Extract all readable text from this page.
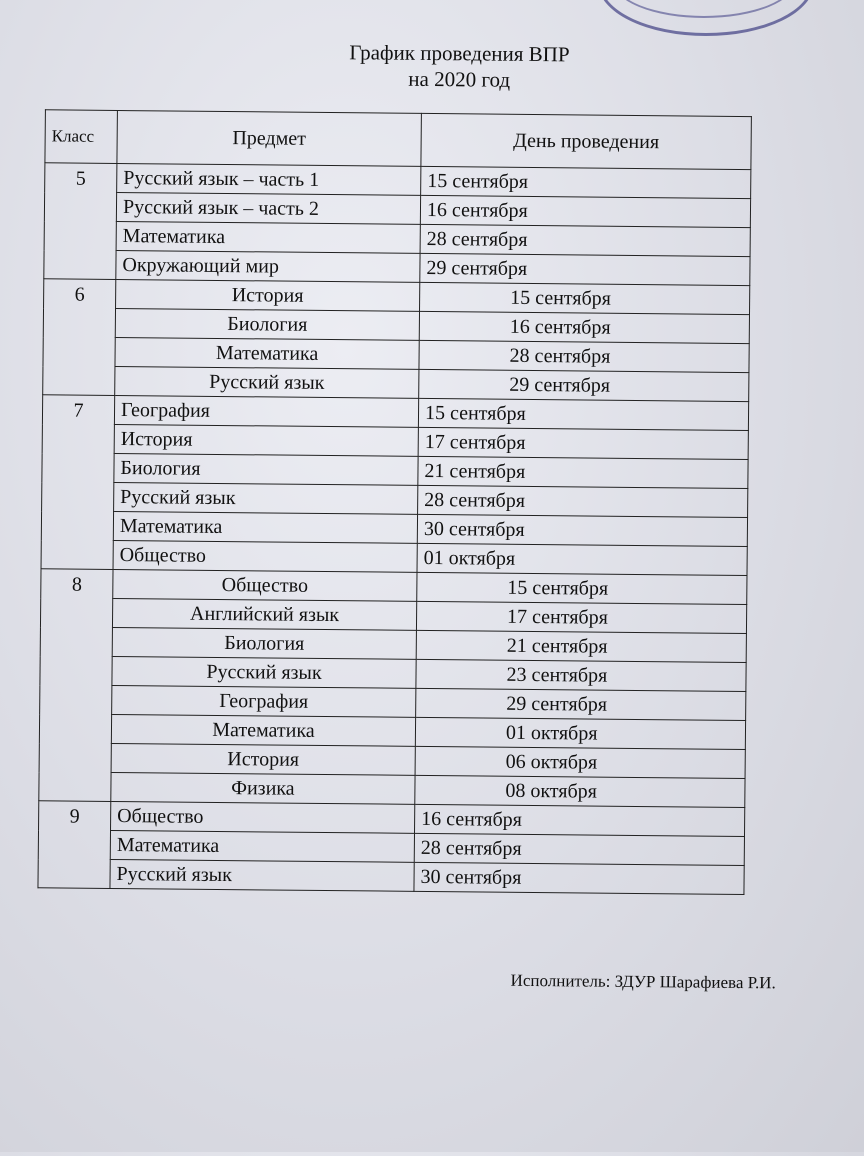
График проведения ВПР
на 2020 год
Класс	Предмет	День проведения
5	Русский язык – часть 1	15 сентября
	Русский язык – часть 2	16 сентября
	Математика	28 сентября
	Окружающий мир	29 сентября
6	История	15 сентября
	Биология	16 сентября
	Математика	28 сентября
	Русский язык	29 сентября
7	География	15 сентября
	История	17 сентября
	Биология	21 сентября
	Русский язык	28 сентября
	Математика	30 сентября
	Общество	01 октября
8	Общество	15 сентября
	Английский язык	17 сентября
	Биология	21 сентября
	Русский язык	23 сентября
	География	29 сентября
	Математика	01 октября
	История	06 октября
	Физика	08 октября
9	Общество	16 сентября
	Математика	28 сентября
	Русский язык	30 сентября
Исполнитель: ЗДУР Шарафиева Р.И.
